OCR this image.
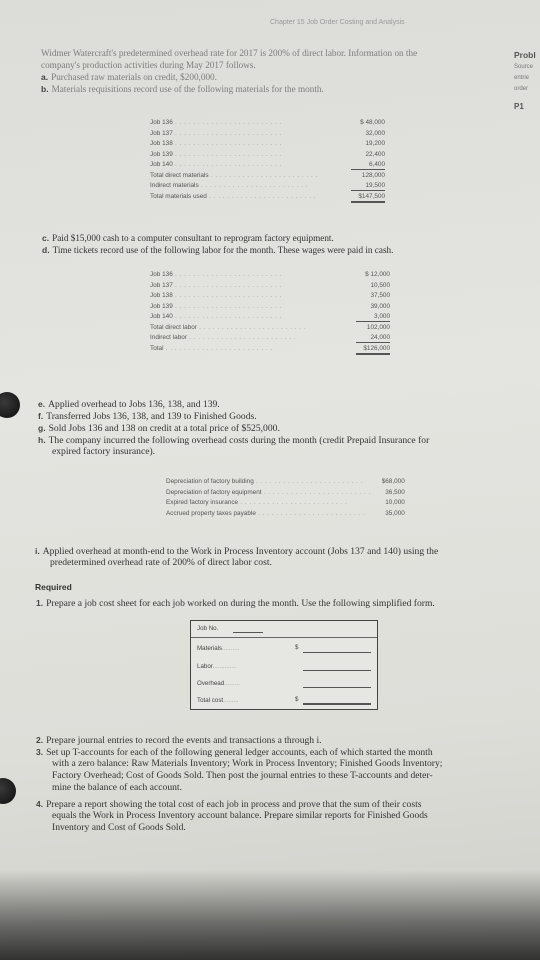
Chapter 15 Job Order Costing and Analysis
Probl
Source
entrie
order
P1
Widmer Watercraft's predetermined overhead rate for 2017 is 200% of direct labor. Information on the
company's production activities during May 2017 follows.
a. Purchased raw materials on credit, $200,000.
b. Materials requisitions record use of the following materials for the month.
Job 136 . . . . . . . . . . . . . . . . . . . . . . . .	$ 48,000
Job 137 . . . . . . . . . . . . . . . . . . . . . . . .	32,000
Job 138 . . . . . . . . . . . . . . . . . . . . . . . .	19,200
Job 139 . . . . . . . . . . . . . . . . . . . . . . . .	22,400
Job 140 . . . . . . . . . . . . . . . . . . . . . . . .	6,400
Total direct materials . . . . . . . . . . . . . . . . . . . . . . . .	128,000
Indirect materials . . . . . . . . . . . . . . . . . . . . . . . .	19,500
Total materials used . . . . . . . . . . . . . . . . . . . . . . . .	$147,500
c. Paid $15,000 cash to a computer consultant to reprogram factory equipment.
d. Time tickets record use of the following labor for the month. These wages were paid in cash.
Job 136 . . . . . . . . . . . . . . . . . . . . . . . .	$ 12,000
Job 137 . . . . . . . . . . . . . . . . . . . . . . . .	10,500
Job 138 . . . . . . . . . . . . . . . . . . . . . . . .	37,500
Job 139 . . . . . . . . . . . . . . . . . . . . . . . .	39,000
Job 140 . . . . . . . . . . . . . . . . . . . . . . . .	3,000
Total direct labor . . . . . . . . . . . . . . . . . . . . . . . .	102,000
Indirect labor . . . . . . . . . . . . . . . . . . . . . . . .	24,000
Total . . . . . . . . . . . . . . . . . . . . . . . .	$126,000
e. Applied overhead to Jobs 136, 138, and 139.
f. Transferred Jobs 136, 138, and 139 to Finished Goods.
g. Sold Jobs 136 and 138 on credit at a total price of $525,000.
h. The company incurred the following overhead costs during the month (credit Prepaid Insurance for
expired factory insurance).
Depreciation of factory building . . . . . . . . . . . . . . . . . . . . . . . .	$68,000
Depreciation of factory equipment . . . . . . . . . . . . . . . . . . . . . . . .	36,500
Expired factory insurance . . . . . . . . . . . . . . . . . . . . . . . .	10,000
Accrued property taxes payable . . . . . . . . . . . . . . . . . . . . . . . .	35,000
i. Applied overhead at month-end to the Work in Process Inventory account (Jobs 137 and 140) using the
predetermined overhead rate of 200% of direct labor cost.
Required
1. Prepare a job cost sheet for each job worked on during the month. Use the following simplified form.
Job No.
Materials..........	$
Labor..............
Overhead.........
Total cost.........	$
2. Prepare journal entries to record the events and transactions a through i.
3. Set up T-accounts for each of the following general ledger accounts, each of which started the month
with a zero balance: Raw Materials Inventory; Work in Process Inventory; Finished Goods Inventory;
Factory Overhead; Cost of Goods Sold. Then post the journal entries to these T-accounts and deter-
mine the balance of each account.
4. Prepare a report showing the total cost of each job in process and prove that the sum of their costs
equals the Work in Process Inventory account balance. Prepare similar reports for Finished Goods
Inventory and Cost of Goods Sold.
